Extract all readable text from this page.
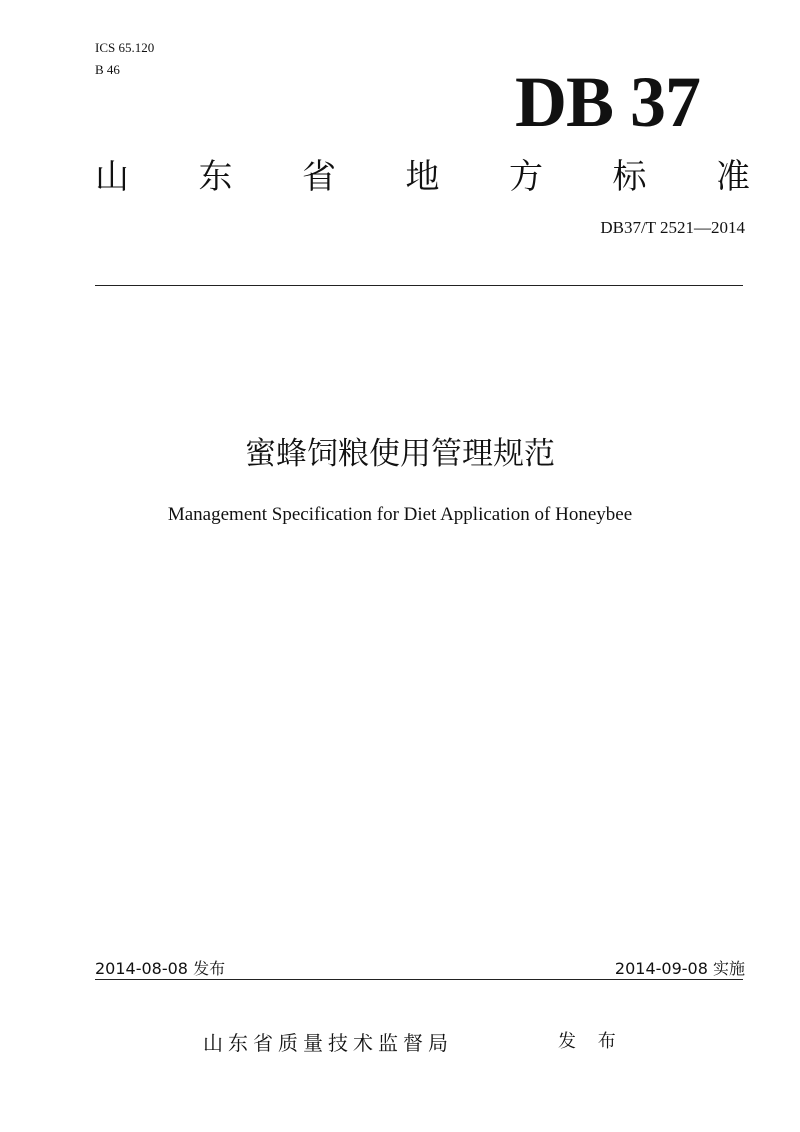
ICS 65.120
B 46	DB 37
山 东 省 地 方 标 准
DB37/T 2521—2014
蜜蜂饲粮使用管理规范
Management Specification for Diet Application of Honeybee
2014-08-08 发布	2014-09-08 实施
山东省质量技术监督局	发 布
